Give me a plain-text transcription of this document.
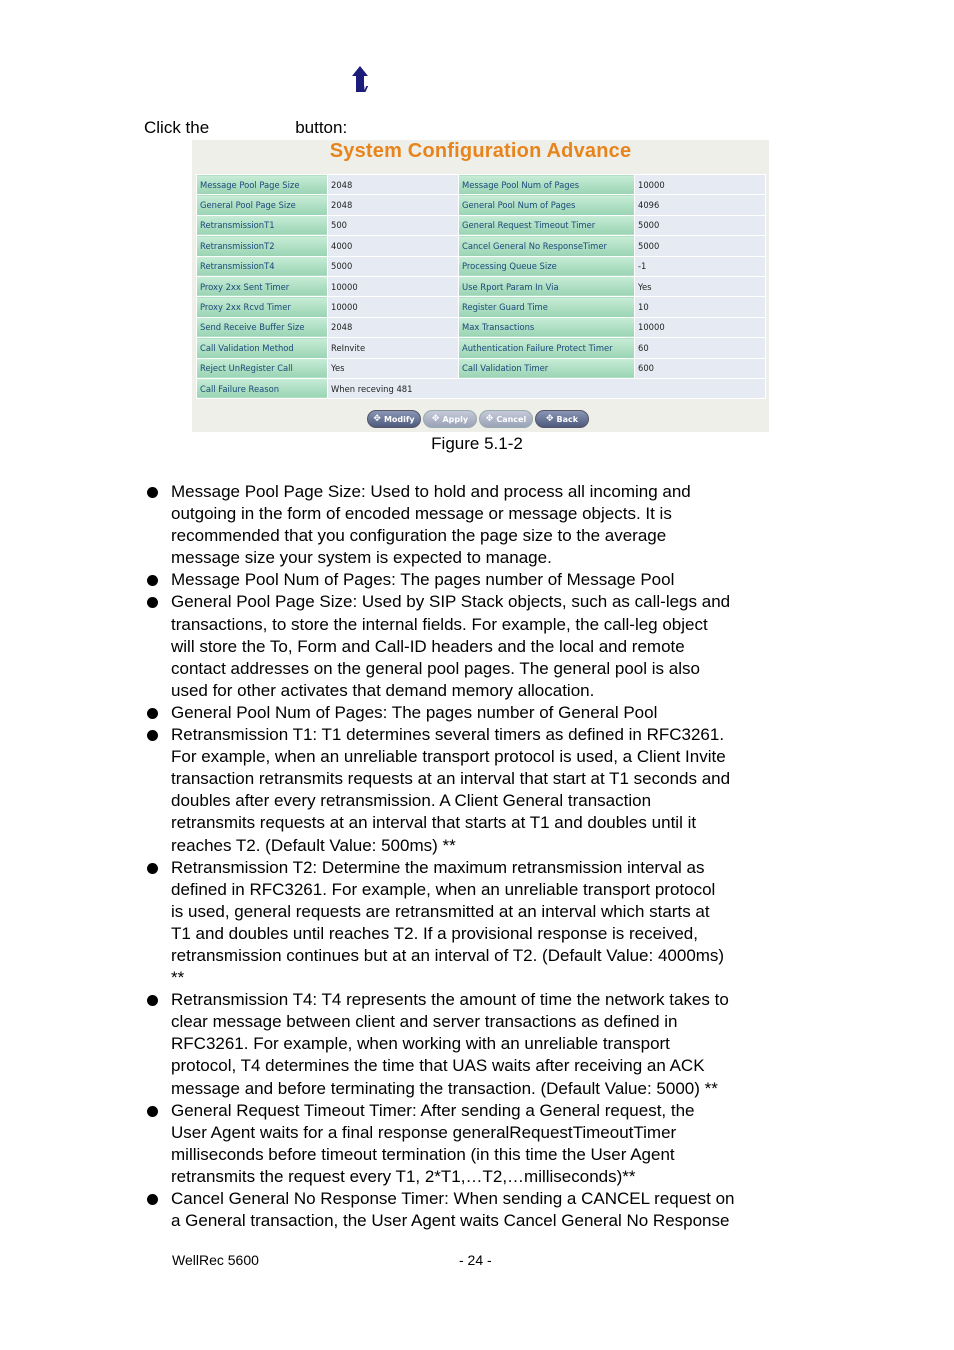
w
Click the	button:
System Configuration Advance
Message Pool Page Size	2048	Message Pool Num of Pages	10000
General Pool Page Size	2048	General Pool Num of Pages	4096
RetransmissionT1	500	General Request Timeout Timer	5000
RetransmissionT2	4000	Cancel General No ResponseTimer	5000
RetransmissionT4	5000	Processing Queue Size	-1
Proxy 2xx Sent Timer	10000	Use Rport Param In Via	Yes
Proxy 2xx Rcvd Timer	10000	Register Guard Time	10
Send Receive Buffer Size	2048	Max Transactions	10000
Call Validation Method	ReInvite	Authentication Failure Protect Timer	60
Reject UnRegister Call	Yes	Call Validation Timer	600
Call Failure Reason	When receving 481		
✥ Modify ✥ Apply ✥ Cancel ✥ Back
Figure 5.1-2
Message Pool Page Size: Used to hold and process all incoming and
outgoing in the form of encoded message or message objects. It is
recommended that you configuration the page size to the average
message size your system is expected to manage.
Message Pool Num of Pages: The pages number of Message Pool
General Pool Page Size: Used by SIP Stack objects, such as call-legs and
transactions, to store the internal fields. For example, the call-leg object
will store the To, Form and Call-ID headers and the local and remote
contact addresses on the general pool pages. The general pool is also
used for other activates that demand memory allocation.
General Pool Num of Pages: The pages number of General Pool
Retransmission T1: T1 determines several timers as defined in RFC3261.
For example, when an unreliable transport protocol is used, a Client Invite
transaction retransmits requests at an interval that start at T1 seconds and
doubles after every retransmission. A Client General transaction
retransmits requests at an interval that starts at T1 and doubles until it
reaches T2. (Default Value: 500ms) **
Retransmission T2: Determine the maximum retransmission interval as
defined in RFC3261. For example, when an unreliable transport protocol
is used, general requests are retransmitted at an interval which starts at
T1 and doubles until reaches T2. If a provisional response is received,
retransmission continues but at an interval of T2. (Default Value: 4000ms)
**
Retransmission T4: T4 represents the amount of time the network takes to
clear message between client and server transactions as defined in
RFC3261. For example, when working with an unreliable transport
protocol, T4 determines the time that UAS waits after receiving an ACK
message and before terminating the transaction. (Default Value: 5000) **
General Request Timeout Timer: After sending a General request, the
User Agent waits for a final response generalRequestTimeoutTimer
milliseconds before timeout termination (in this time the User Agent
retransmits the request every T1, 2*T1,…T2,…milliseconds)**
Cancel General No Response Timer: When sending a CANCEL request on
a General transaction, the User Agent waits Cancel General No Response
WellRec 5600	- 24 -
